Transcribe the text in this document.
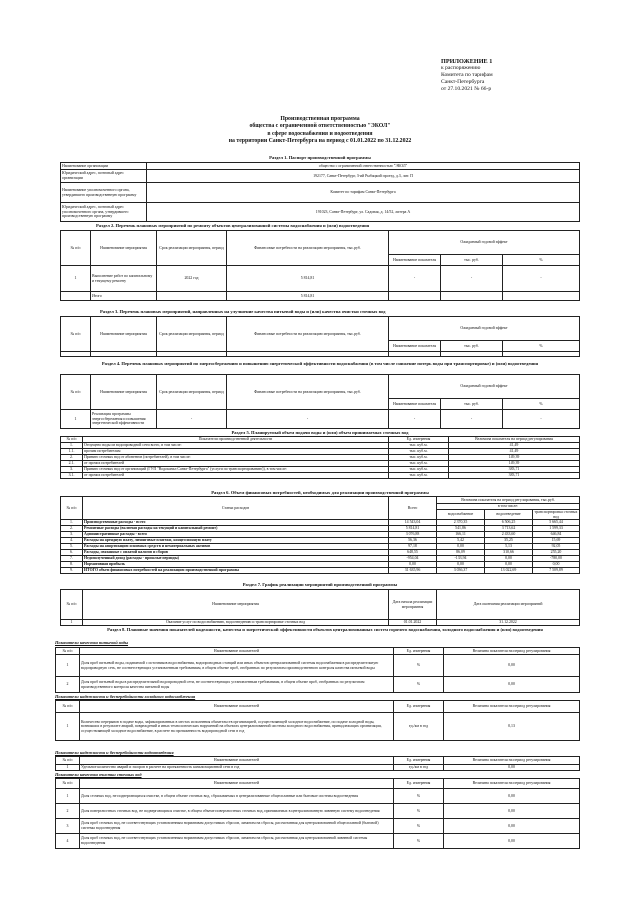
ПРИЛОЖЕНИЕ 1
к распоряжению
Комитета по тарифам
Санкт-Петербурга
от 27.10.2021 № 66-р
Производственная программа
общества с ограниченной ответственностью "ЭКОЛ"
в сфере водоснабжения и водоотведения
на территории Санкт-Петербурга на период с 01.01.2022 по 31.12.2022
Раздел 1. Паспорт производственной программы
Наименование организации	общество с ограниченной ответственностью "ЭКОЛ"
Юридический адрес, почтовый адрес организации	192177, Санкт-Петербург, 3-ий Рыбацкий проезд, д.3, лит. П
Наименование уполномоченного органа, утвердившего производственную программу	Комитет по тарифам Санкт-Петербурга
Юридический адрес, почтовый адрес уполномоченного органа, утвердившего производственную программу	191023, Санкт-Петербург, ул. Садовая, д. 14/52, литера А
Раздел 2. Перечень плановых мероприятий по ремонту объектов централизованной системы водоснабжения и (или) водоотведения
№ п/п	Наименование мероприятия	Срок реализации мероприятия, период	Финансовые потребности на реализацию мероприятия, тыс.руб.	Ожидаемый годовой эффект		
				Наименование показателя	тыс. руб.	%
1	Выполнение работ по капитальному и текущему ремонту	2022 год	5 814,81	-	-	-
	Итого		5 814,81			
Раздел 3. Перечень плановых мероприятий, направленных на улучшение качества питьевой воды и (или) качества очистки сточных вод
№ п/п	Наименование мероприятия	Срок реализации мероприятия, период	Финансовые потребности на реализацию мероприятия, тыс.руб.	Ожидаемый годовой эффект		
				Наименование показателя	тыс. руб.	%

Раздел 4. Перечень плановых мероприятий по энергосбережению и повышению энергетической эффективности водоснабжения (в том числе снижение потерь воды при транспортировке) и (или) водоотведения
№ п/п	Наименование мероприятия	Срок реализации мероприятия, период	Финансовые потребности на реализацию мероприятия, тыс.руб.	Ожидаемый годовой эффект		
				Наименование показателя	тыс. руб.	%
1	Реализация программы энергосбережения и повышения энергетической эффективности	-	-	-	-	-
Раздел 5. Планируемый объем подачи воды и (или) объем принимаемых сточных вод
№ п/п	Показатели производственной деятельности	Ед. измерения	Величина показателя на период регулирования
1.	Отпущено воды из водопроводной сети всего, в том числе:	тыс. куб.м.	41,49
1.1.	прочим потребителям	тыс. куб.м.	41,49
2.	Принято сточных вод от абонентов (потребителей), в том числе:	тыс. куб.м.	149,39
2.1.	от прочих потребителей	тыс. куб.м.	149,39
3.	Принято сточных вод от организаций (ГУП "Водоканал Санкт-Петербурга" (услуги по транспортированию)), в том числе:	тыс. куб.м.	383,71
3.1.	от прочих потребителей	тыс. куб.м.	383,71
Раздел 6. Объем финансовых потребностей, необходимых для реализации производственной программы
№ п/п	Статьи расходов	Всего	Величина показателя на период регулирования, тыс.руб.		
			в том числе:		
			водоснабжение	водоотведение	транспортировка сточных вод
1.	Производственные расходы - всего	14 543,04	2 370,35	6 506,25	5 665,44
2.	Ремонтные расходы (включая расходы на текущий и капитальный ремонт)	5 814,81	541,86	3 713,62	1 599,33
3.	Административные расходы - всего	3 076,88	166,11	2 433,60	646,84
4.	Расходы на арендную плату, лизинговые платежи, концессионную плату	56,36	5,42	35,25	15,69
5.	Расходы на амортизацию основных средств и нематериальных активов	97,18	0,00	5,13	92,05
6.	Расходы, связанные с оплатой налогов и сборов	648,55	86,09	310,66	255,20
7.	Недополученный доход (расходы - прошлые периоды)	-954,04	-133,94	0,00	-780,00
8.	Нормативная прибыль	0,00	0,00	0,00	0,00
9.	ИТОГО объем финансовых потребностей на реализацию производственной программы	31 635,96	3 036,37	13 022,69	7 509,89
Раздел 7. График реализации мероприятий производственной программы
№ п/п	Наименование мероприятия	Дата начала реализации мероприятия	Дата окончания реализации мероприятий
1	Оказание услуг по водоснабжению, водоотведению и транспортировке сточных вод	01.01.2022	31.12.2022
Раздел 8. Плановые значения показателей надежности, качества и энергетической эффективности объектов централизованных систем горячего водоснабжения, холодного водоснабжения и (или) водоотведения
Показатели качества питьевой воды
№ п/п	Наименование показателей	Ед. измерения	Величина показателя на период регулирования
1	Доля проб питьевой воды, подаваемой с источников водоснабжения, водопроводных станций или иных объектов централизованной системы водоснабжения в распределительную водопроводную сеть, не соответствующих установленным требованиям, в общем объеме проб, отобранных по результатам производственного контроля качества питьевой воды	%	0,00
2	Доля проб питьевой воды в распределительной водопроводной сети, не соответствующих установленным требованиям, в общем объеме проб, отобранных по результатам производственного контроля качества питьевой воды	%	0,00
Показатели надежности и бесперебойности холодного водоснабжения
№ п/п	Наименование показателей	Ед. измерения	Величина показателя на период регулирования
1	Количество перерывов в подаче воды, зафиксированных в местах исполнения обязательств организацией, осуществляющей холодное водоснабжение, по подаче холодной воды, возникших в результате аварий, повреждений и иных технологических нарушений на объектах централизованной системы холодного водоснабжения, принадлежащих организации, осуществляющей холодное водоснабжение, в расчете на протяженность водопроводной сети в год	ед./км в год	0,13
Показатели надежности и бесперебойности водоотведения
№ п/п	Наименование показателей	Ед. измерения	Величина показателя на период регулирования
1	Удельное количество аварий и засоров в расчете на протяженность канализационной сети в год	ед./км в год	0,00
Показатели качества очистки сточных вод
№ п/п	Наименование показателей	Ед. измерения	Величина показателя на период регулирования
1	Доля сточных вод, не подвергающихся очистке, в общем объеме сточных вод, сбрасываемых в централизованные общесплавные или бытовые системы водоотведения	%	0,00
2	Доля поверхностных сточных вод, не подвергающихся очистке, в общем объеме поверхностных сточных вод, принимаемых в централизованную ливневую систему водоотведения	%	0,00
3	Доля проб сточных вод, не соответствующих установленным нормативам допустимых сбросов, лимитам на сбросы, рассчитанная для централизованной общесплавной (бытовой) системы водоотведения	%	0,00
4	Доля проб сточных вод, не соответствующих установленным нормативам допустимых сбросов, лимитам на сбросы, рассчитанная для централизованной ливневой системы водоотведения	%	0,00
